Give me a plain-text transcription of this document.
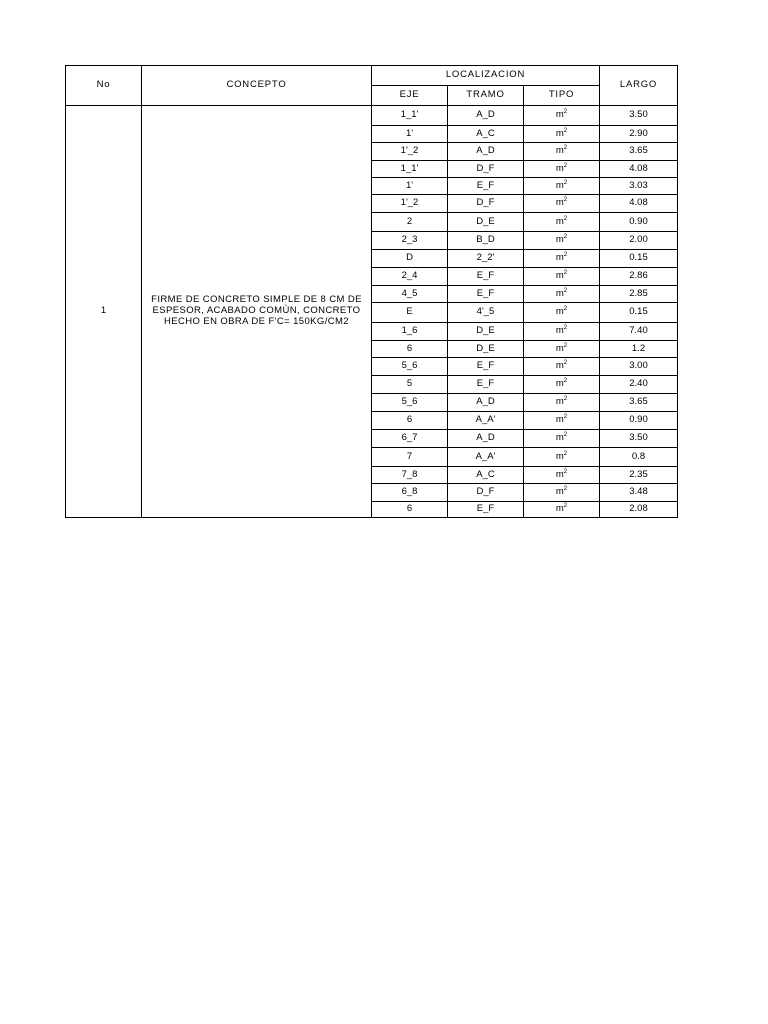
No	CONCEPTO	LOCALIZACION			LARGO
		EJE	TRAMO	TIPO	
1	FIRME DE CONCRETO SIMPLE DE 8 CM DE ESPESOR, ACABADO COMÙN, CONCRETO HECHO EN OBRA DE F'C= 150KG/CM2	1_1'	A_D	$m^2$	3.50
		1'	A_C	$m^2$	2.90
		1'_2	A_D	$m^2$	3.65
		1_1'	D_F	$m^2$	4.08
		1'	E_F	$m^2$	3.03
		1'_2	D_F	$m^2$	4.08
		2	D_E	$m^2$	0.90
		2_3	B_D	$m^2$	2.00
		D	2_2'	$m^2$	0.15
		2_4	E_F	$m^2$	2.86
		4_5	E_F	$m^2$	2.85
		E	4'_5	$m^2$	0.15
		1_6	D_E	$m^2$	7.40
		6	D_E	$m^2$	1.2
		5_6	E_F	$m^2$	3.00
		5	E_F	$m^2$	2.40
		5_6	A_D	$m^2$	3.65
		6	A_A'	$m^2$	0.90
		6_7	A_D	$m^2$	3.50
		7	A_A'	$m^2$	0.8
		7_8	A_C	$m^2$	2.35
		6_8	D_F	$m^2$	3.48
		6	E_F	$m^2$	2.08
